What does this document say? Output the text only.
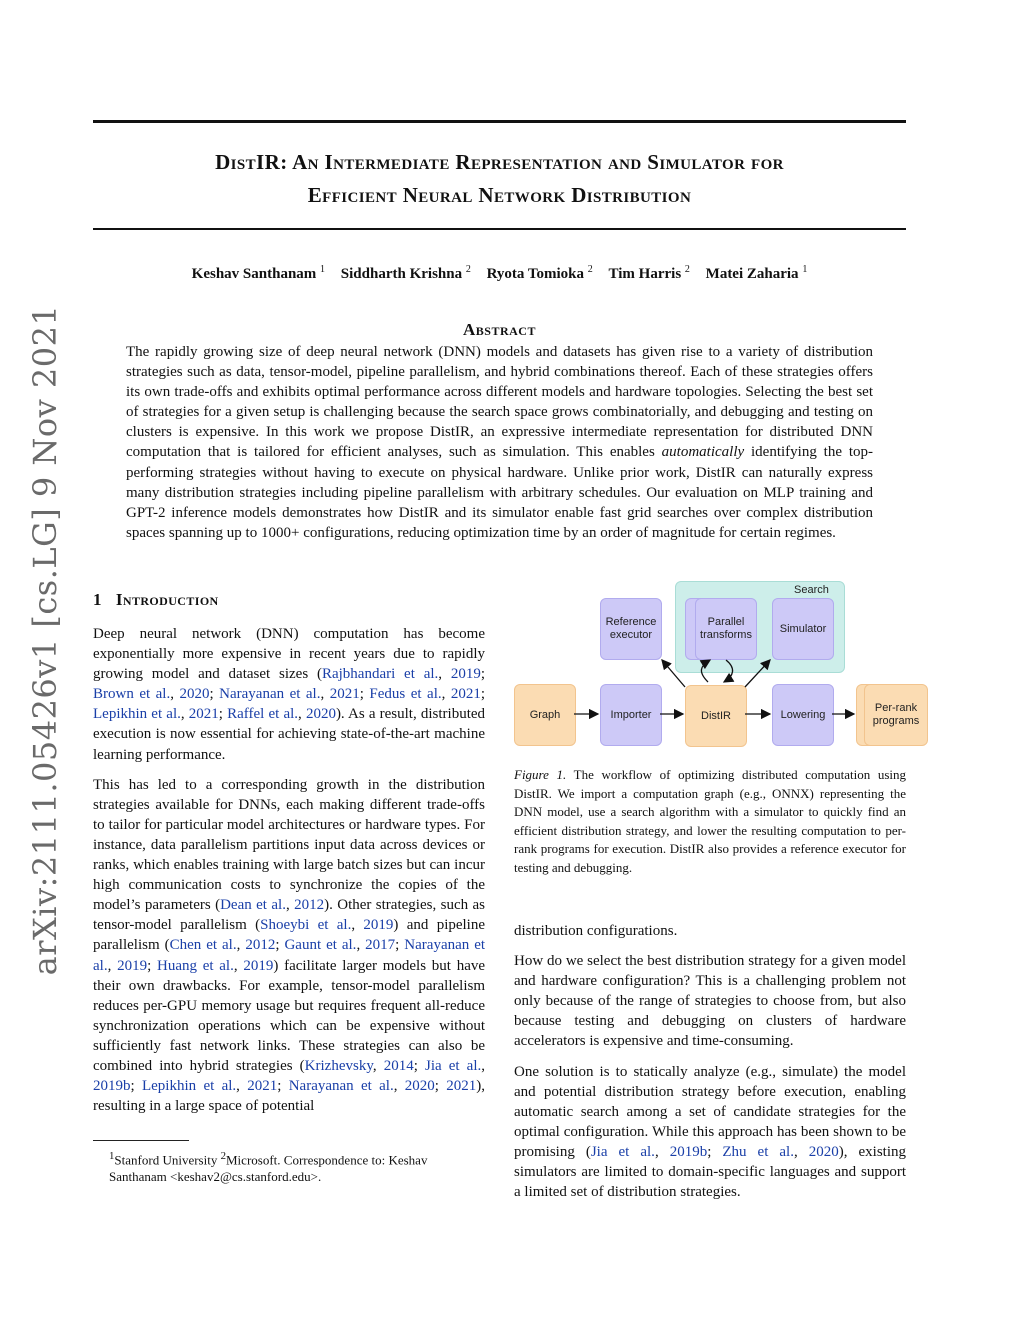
arXiv:2111.05426v1 [cs.LG] 9 Nov 2021
DistIR: An Intermediate Representation and Simulator for
Efficient Neural Network Distribution
Keshav Santhanam $^1$ Siddharth Krishna $^2$ Ryota Tomioka $^2$ Tim Harris $^2$ Matei Zaharia $^1$
Abstract
The rapidly growing size of deep neural network (DNN) models and datasets has given rise to a variety of distribution strategies such as data, tensor-model, pipeline parallelism, and hybrid combinations thereof. Each of these strategies offers its own trade-offs and exhibits optimal performance across different models and hardware topologies. Selecting the best set of strategies for a given setup is challenging because the search space grows combinatorially, and debugging and testing on clusters is expensive. In this work we propose DistIR, an expressive intermediate representation for distributed DNN computation that is tailored for efficient analyses, such as simulation. This enables automatically identifying the top-performing strategies without having to execute on physical hardware. Unlike prior work, DistIR can naturally express many distribution strategies including pipeline parallelism with arbitrary schedules. Our evaluation on MLP training and GPT-2 inference models demonstrates how DistIR and its simulator enable fast grid searches over complex distribution spaces spanning up to 1000+ configurations, reducing optimization time by an order of magnitude for certain regimes.
1 Introduction

Deep neural network (DNN) computation has become exponentially more expensive in recent years due to rapidly growing model and dataset sizes (Rajbhandari et al., 2019; Brown et al., 2020; Narayanan et al., 2021; Fedus et al., 2021; Lepikhin et al., 2021; Raffel et al., 2020). As a result, distributed execution is now essential for achieving state-of-the-art machine learning performance.

This has led to a corresponding growth in the distribution strategies available for DNNs, each making different trade-offs to tailor for particular model architectures or hardware types. For instance, data parallelism partitions input data across devices or ranks, which enables training with large batch sizes but can incur high communication costs to synchronize the copies of the model’s parameters (Dean et al., 2012). Other strategies, such as tensor-model parallelism (Shoeybi et al., 2019) and pipeline parallelism (Chen et al., 2012; Gaunt et al., 2017; Narayanan et al., 2019; Huang et al., 2019) facilitate larger models but have their own drawbacks. For example, tensor-model parallelism reduces per-GPU memory usage but requires frequent all-reduce synchronization operations which can be expensive without sufficiently fast network links. These strategies can also be combined into hybrid strategies (Krizhevsky, 2014; Jia et al., 2019b; Lepikhin et al., 2021; Narayanan et al., 2020; 2021), resulting in a large space of potential

$^1$Stanford University $^2$Microsoft. Correspondence to: Keshav Santhanam <keshav2@cs.stanford.edu>.
Search
Reference executor
Parallel transforms
Simulator
Graph	Importer	DistIR	Lowering
Per-rank programs
Figure 1. The workflow of optimizing distributed computation using DistIR. We import a computation graph (e.g., ONNX) representing the DNN model, use a search algorithm with a simulator to quickly find an efficient distribution strategy, and lower the resulting computation to per-rank programs for execution. DistIR also provides a reference executor for testing and debugging.

distribution configurations.

How do we select the best distribution strategy for a given model and hardware configuration? This is a challenging problem not only because of the range of strategies to choose from, but also because testing and debugging on clusters of hardware accelerators is expensive and time-consuming.

One solution is to statically analyze (e.g., simulate) the model and potential distribution strategy before execution, enabling automatic search among a set of candidate strategies for the optimal configuration. While this approach has been shown to be promising (Jia et al., 2019b; Zhu et al., 2020), existing simulators are limited to domain-specific languages and support a limited set of distribution strategies.
